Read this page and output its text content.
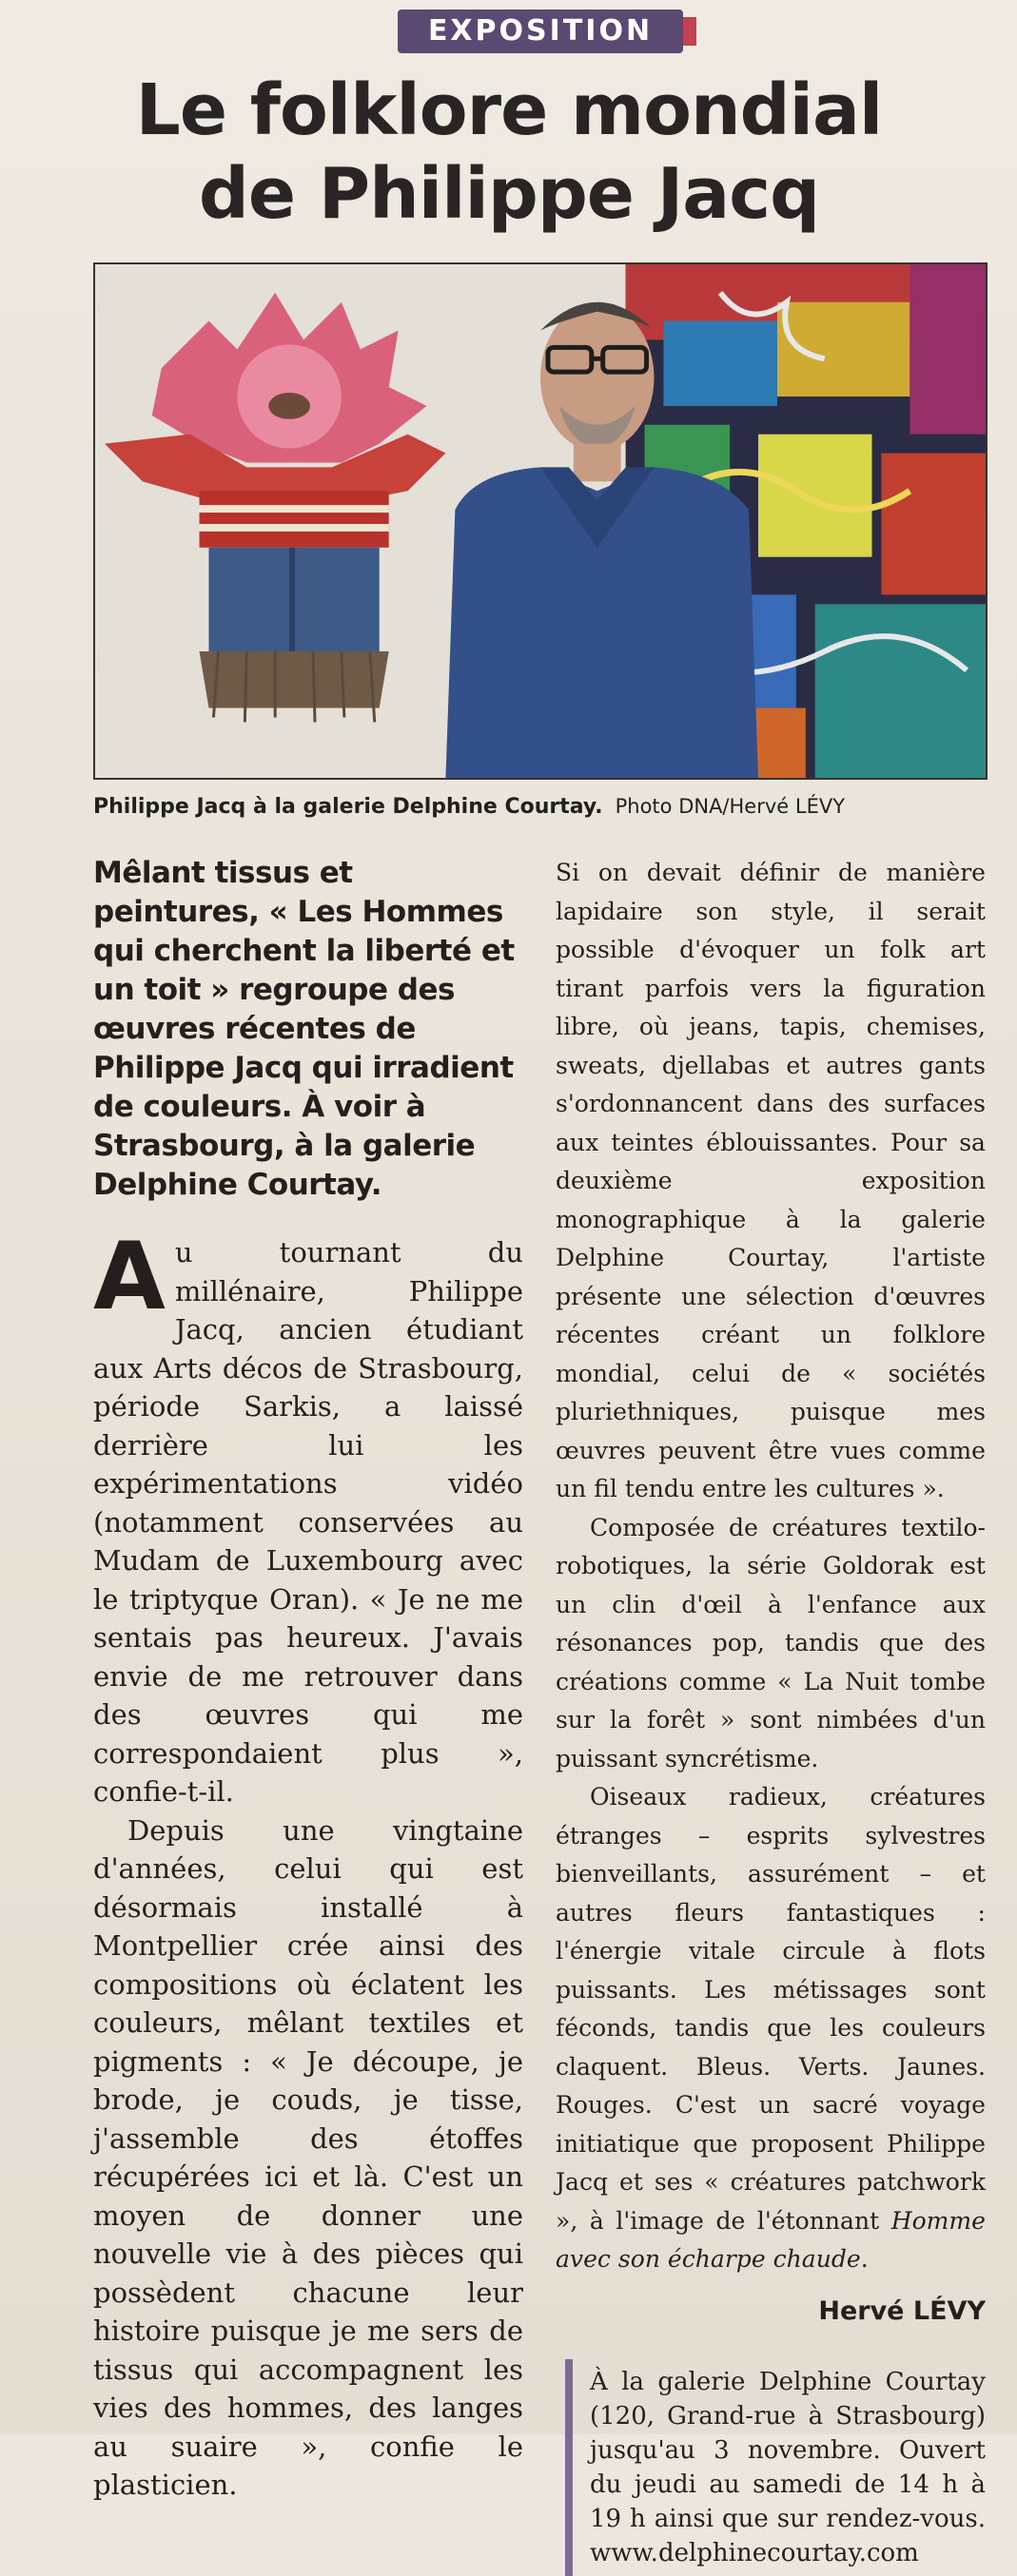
EXPOSITION
Le folklore mondial
de Philippe Jacq
Philippe Jacq à la galerie Delphine Courtay. Photo DNA/Hervé LÉVY

Mêlant tissus et peintures, « Les Hommes qui cherchent la liberté et un toit » regroupe des œuvres récentes de Philippe Jacq qui irradient de couleurs. À voir à Strasbourg, à la galerie Delphine Courtay.

Au tournant du millénaire, Philippe Jacq, ancien étudiant aux Arts décos de Strasbourg, période Sarkis, a laissé derrière lui les expérimentations vidéo (notamment conservées au Mudam de Luxembourg avec le triptyque Oran). « Je ne me sentais pas heureux. J'avais envie de me retrouver dans des œuvres qui me correspondaient plus », confie-t-il.

Depuis une vingtaine d'années, celui qui est désormais installé à Montpellier crée ainsi des compositions où éclatent les couleurs, mêlant textiles et pigments : « Je découpe, je brode, je couds, je tisse, j'assemble des étoffes récupérées ici et là. C'est un moyen de donner une nouvelle vie à des pièces qui possèdent chacune leur histoire puisque je me sers de tissus qui accompagnent les vies des hommes, des langes au suaire », confie le plasticien.

Si on devait définir de manière lapidaire son style, il serait possible d'évoquer un folk art tirant parfois vers la figuration libre, où jeans, tapis, chemises, sweats, djellabas et autres gants s'ordonnancent dans des surfaces aux teintes éblouissantes. Pour sa deuxième exposition monographique à la galerie Delphine Courtay, l'artiste présente une sélection d'œuvres récentes créant un folklore mondial, celui de « sociétés pluriethniques, puisque mes œuvres peuvent être vues comme un fil tendu entre les cultures ».

Composée de créatures textilo-robotiques, la série Goldorak est un clin d'œil à l'enfance aux résonances pop, tandis que des créations comme « La Nuit tombe sur la forêt » sont nimbées d'un puissant syncrétisme.

Oiseaux radieux, créatures étranges – esprits sylvestres bienveillants, assurément – et autres fleurs fantastiques : l'énergie vitale circule à flots puissants. Les métissages sont féconds, tandis que les couleurs claquent. Bleus. Verts. Jaunes. Rouges. C'est un sacré voyage initiatique que proposent Philippe Jacq et ses « créatures patchwork », à l'image de l'étonnant Homme avec son écharpe chaude.

Hervé LÉVY

À la galerie Delphine Courtay (120, Grand-rue à Strasbourg) jusqu'au 3 novembre. Ouvert du jeudi au samedi de 14 h à 19 h ainsi que sur rendez-vous. www.delphinecourtay.com
